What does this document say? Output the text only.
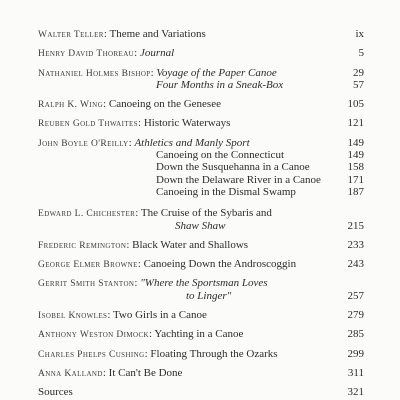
Walter Teller: Theme and Variations	ix
Henry David Thoreau: Journal	5
Nathaniel Holmes Bishop: Voyage of the Paper Canoe	29
Four Months in a Sneak-Box	57
Ralph K. Wing: Canoeing on the Genesee	105
Reuben Gold Thwaites: Historic Waterways	121
John Boyle O'Reilly: Athletics and Manly Sport	149
Canoeing on the Connecticut	149
Down the Susquehanna in a Canoe	158
Down the Delaware River in a Canoe 171
Canoeing in the Dismal Swamp	187
Edward L. Chichester: The Cruise of the Sybaris and
Shaw Shaw	215
Frederic Remington: Black Water and Shallows	233
George Elmer Browne: Canoeing Down the Androscoggin	243
Gerrit Smith Stanton: "Where the Sportsman Loves
to Linger"	257
Isobel Knowles: Two Girls in a Canoe	279
Anthony Weston Dimock: Yachting in a Canoe	285
Charles Phelps Cushing: Floating Through the Ozarks	299
Anna Kalland: It Can't Be Done	311
Sources	321
